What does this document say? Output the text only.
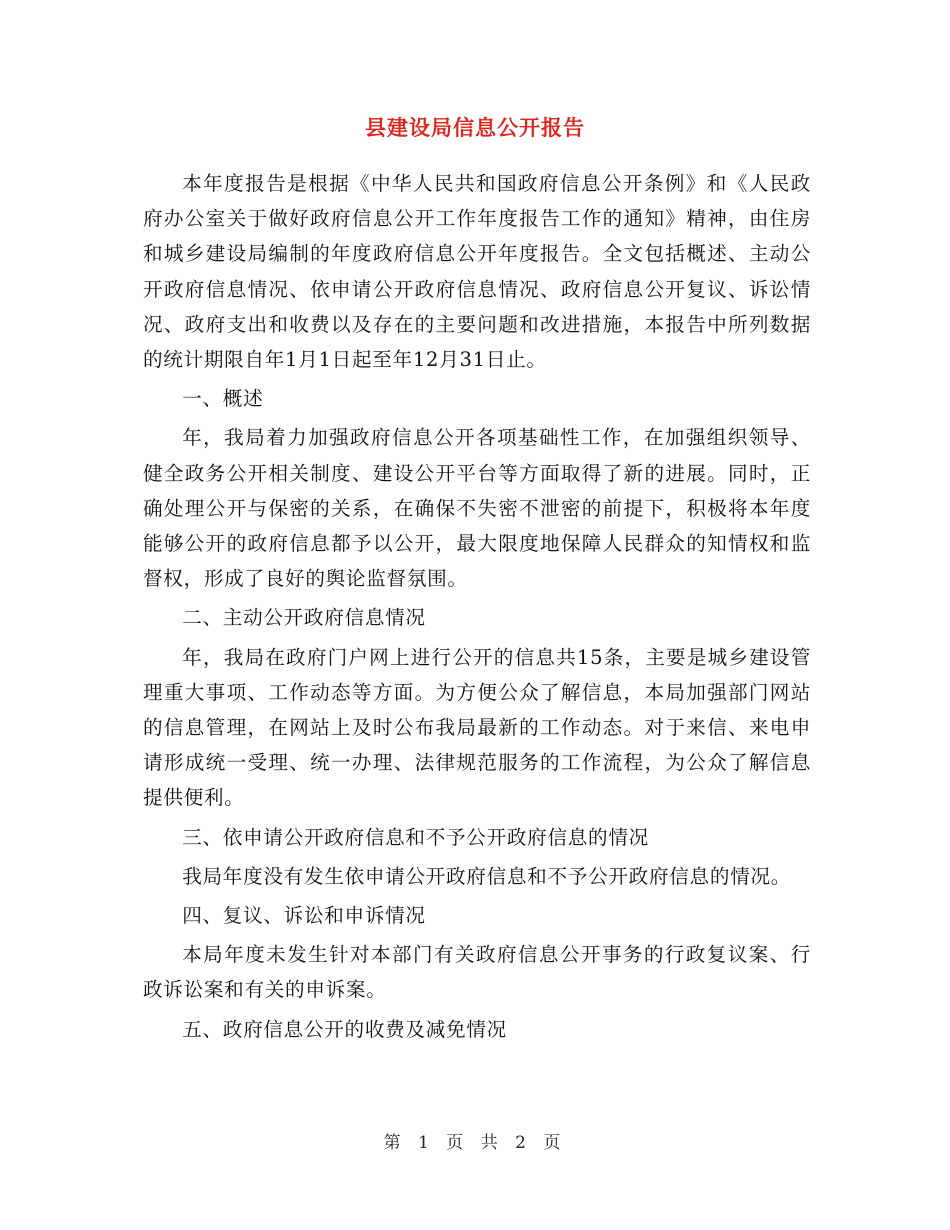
县建设局信息公开报告

本年度报告是根据《中华人民共和国政府信息公开条例》和《人民政府办公室关于做好政府信息公开工作年度报告工作的通知》精神，由住房和城乡建设局编制的年度政府信息公开年度报告。全文包括概述、主动公开政府信息情况、依申请公开政府信息情况、政府信息公开复议、诉讼情况、政府支出和收费以及存在的主要问题和改进措施，本报告中所列数据的统计期限自年1月1日起至年12月31日止。

一、概述

年，我局着力加强政府信息公开各项基础性工作，在加强组织领导、健全政务公开相关制度、建设公开平台等方面取得了新的进展。同时，正确处理公开与保密的关系，在确保不失密不泄密的前提下，积极将本年度能够公开的政府信息都予以公开，最大限度地保障人民群众的知情权和监督权，形成了良好的舆论监督氛围。

二、主动公开政府信息情况

年，我局在政府门户网上进行公开的信息共15条，主要是城乡建设管理重大事项、工作动态等方面。为方便公众了解信息，本局加强部门网站的信息管理，在网站上及时公布我局最新的工作动态。对于来信、来电申请形成统一受理、统一办理、法律规范服务的工作流程，为公众了解信息提供便利。

三、依申请公开政府信息和不予公开政府信息的情况

我局年度没有发生依申请公开政府信息和不予公开政府信息的情况。

四、复议、诉讼和申诉情况

本局年度未发生针对本部门有关政府信息公开事务的行政复议案、行政诉讼案和有关的申诉案。

五、政府信息公开的收费及减免情况

第 1 页 共 2 页
